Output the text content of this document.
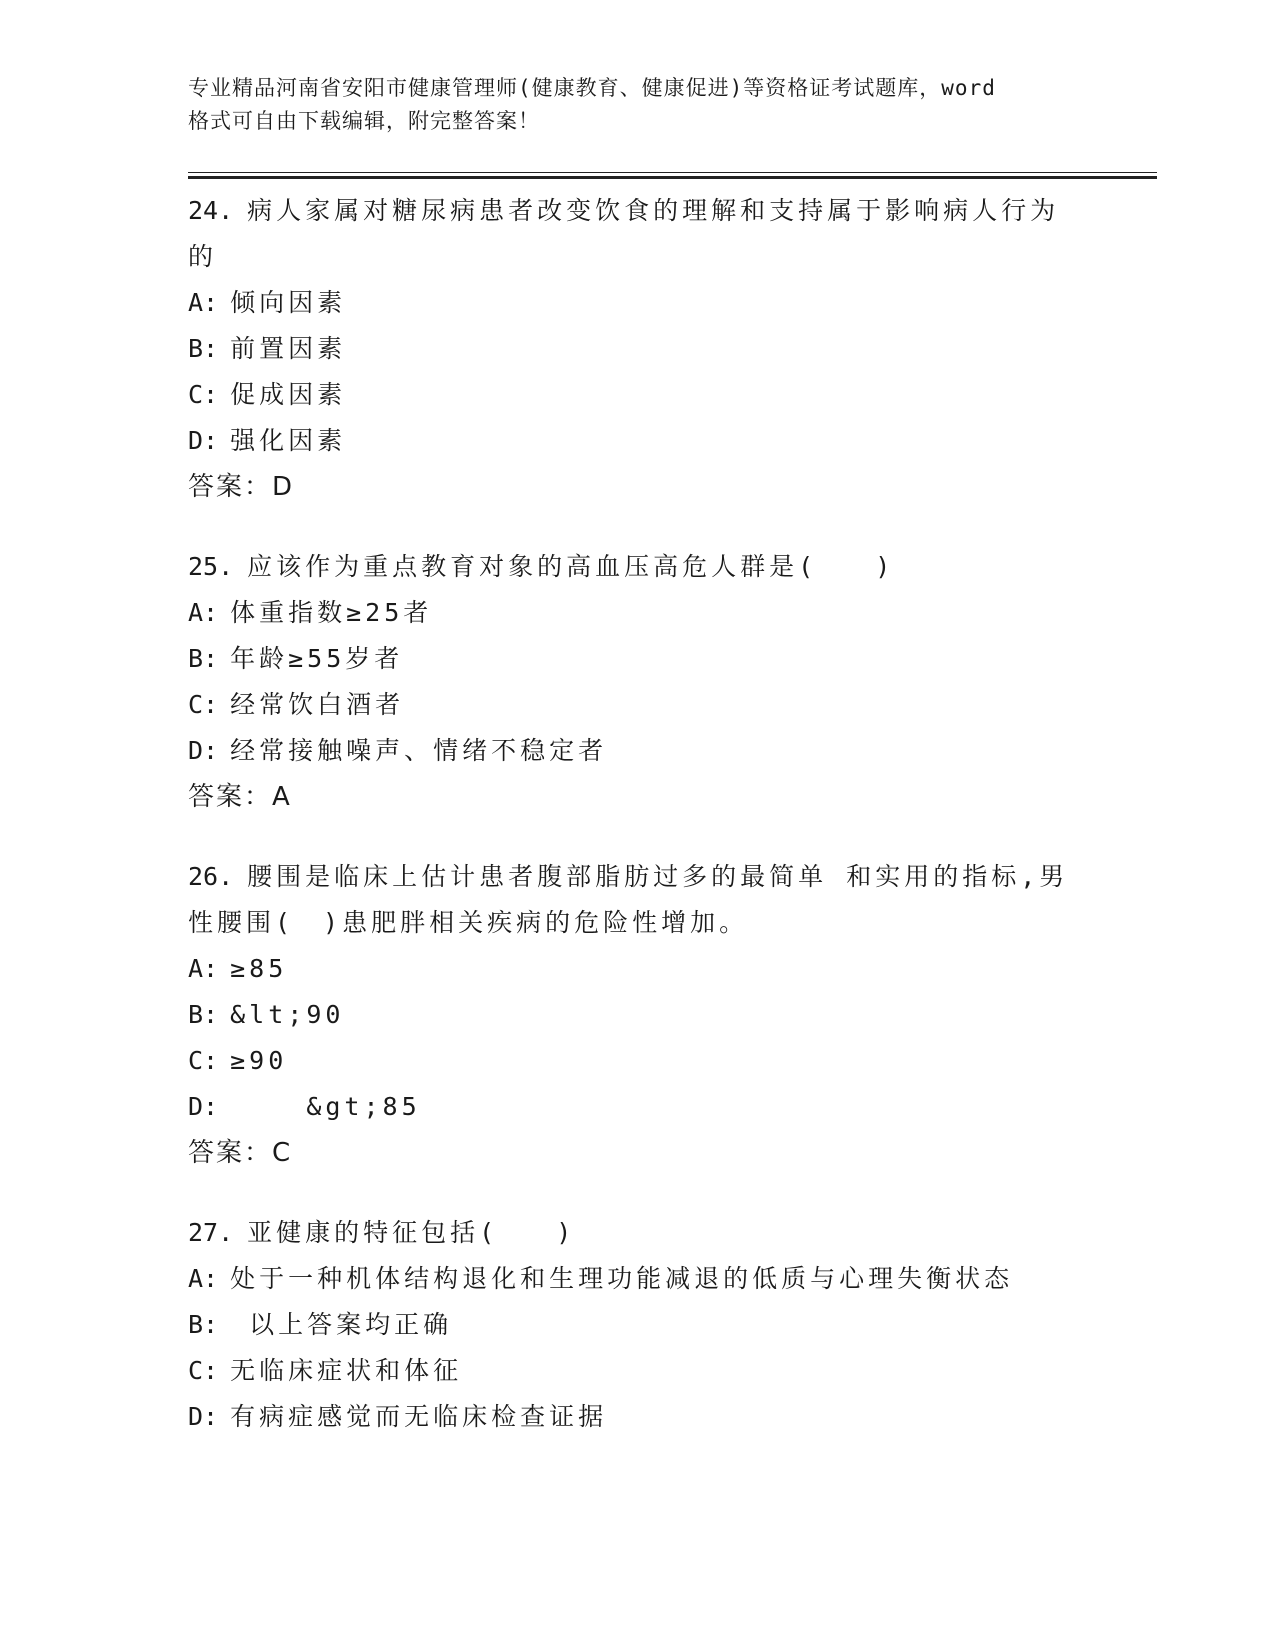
专业精品河南省安阳市健康管理师(健康教育、健康促进)等资格证考试题库，word
格式可自由下载编辑，附完整答案！
24. 病人家属对糖尿病患者改变饮食的理解和支持属于影响病人行为
的
A: 倾向因素
B: 前置因素
C: 促成因素
D: 强化因素
答案：D
25. 应该作为重点教育对象的高血压高危人群是(　　)
A: 体重指数≥25者
B: 年龄≥55岁者
C: 经常饮白酒者
D: 经常接触噪声、情绪不稳定者
答案：A
26. 腰围是临床上估计患者腹部脂肪过多的最简单 和实用的指标,男
性腰围(　)患肥胖相关疾病的危险性增加。
A: ≥85
B: &lt;90
C: ≥90
D:    &gt;85
答案：C
27. 亚健康的特征包括(　　)
A: 处于一种机体结构退化和生理功能减退的低质与心理失衡状态
B: 以上答案均正确
C: 无临床症状和体征
D: 有病症感觉而无临床检查证据
